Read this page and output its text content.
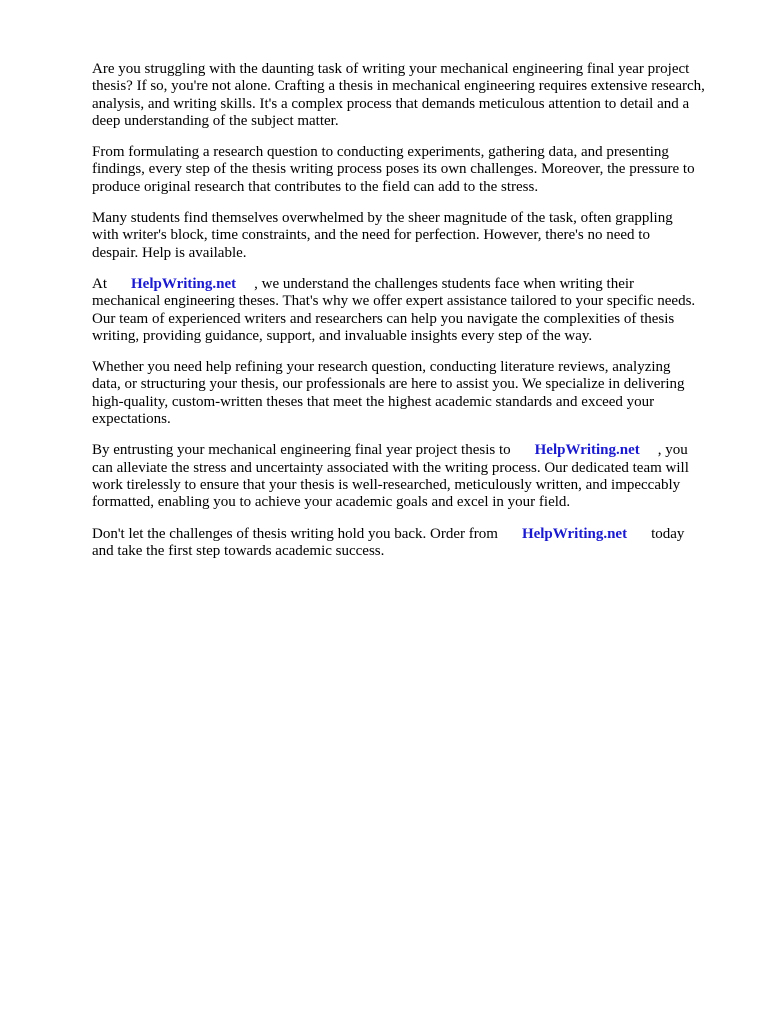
Are you struggling with the daunting task of writing your mechanical engineering final year project
thesis? If so, you're not alone. Crafting a thesis in mechanical engineering requires extensive research,
analysis, and writing skills. It's a complex process that demands meticulous attention to detail and a
deep understanding of the subject matter.

From formulating a research question to conducting experiments, gathering data, and presenting
findings, every step of the thesis writing process poses its own challenges. Moreover, the pressure to
produce original research that contributes to the field can add to the stress.

Many students find themselves overwhelmed by the sheer magnitude of the task, often grappling
with writer's block, time constraints, and the need for perfection. However, there's no need to
despair. Help is available.

At HelpWriting.net , we understand the challenges students face when writing their
mechanical engineering theses. That's why we offer expert assistance tailored to your specific needs.
Our team of experienced writers and researchers can help you navigate the complexities of thesis
writing, providing guidance, support, and invaluable insights every step of the way.

Whether you need help refining your research question, conducting literature reviews, analyzing
data, or structuring your thesis, our professionals are here to assist you. We specialize in delivering
high-quality, custom-written theses that meet the highest academic standards and exceed your
expectations.

By entrusting your mechanical engineering final year project thesis to HelpWriting.net , you
can alleviate the stress and uncertainty associated with the writing process. Our dedicated team will
work tirelessly to ensure that your thesis is well-researched, meticulously written, and impeccably
formatted, enabling you to achieve your academic goals and excel in your field.

Don't let the challenges of thesis writing hold you back. Order from HelpWriting.net today
and take the first step towards academic success.
